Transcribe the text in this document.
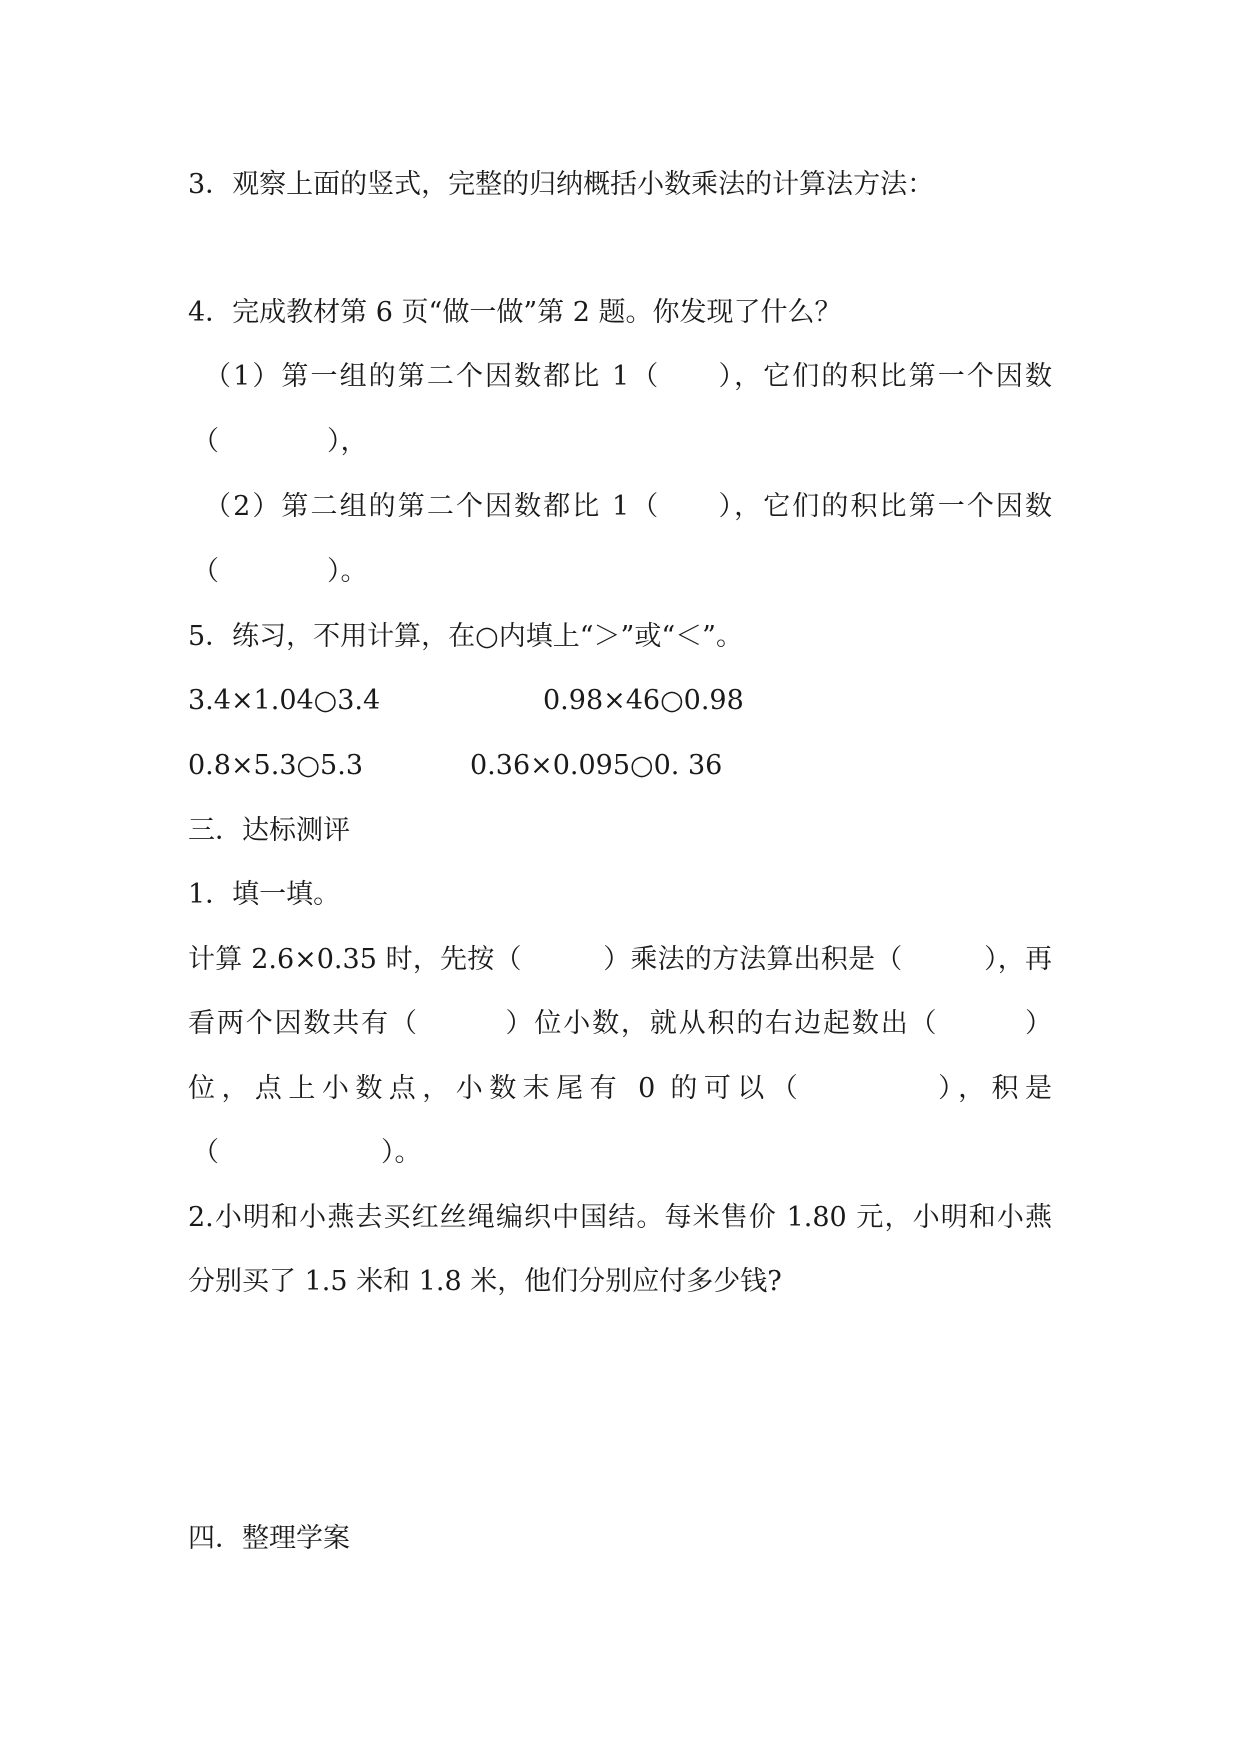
3．观察上面的竖式，完整的归纳概括小数乘法的计算法方法：
4．完成教材第 6 页“做一做”第 2 题。你发现了什么？
（1）第一组的第二个因数都比 1（　　），它们的积比第一个因数
（　　　　），
（2）第二组的第二个因数都比 1（　　），它们的积比第一个因数
（　　　　）。
5．练习，不用计算，在○内填上“＞”或“＜”。
3.4×1.04○3.4	0.98×46○0.98
0.8×5.3○5.3	0.36×0.095○0. 36
三．达标测评
1．填一填。
计算 2.6×0.35 时，先按（　　　）乘法的方法算出积是（　　　），再
看两个因数共有（　　　）位小数，就从积的右边起数出（　　　）
位，点上小数点，小数末尾有 0 的可以（　　　　），积是
（　　　　　　）。
2.小明和小燕去买红丝绳编织中国结。每米售价 1.80 元，小明和小燕
分别买了 1.5 米和 1.8 米，他们分别应付多少钱?
四．整理学案
